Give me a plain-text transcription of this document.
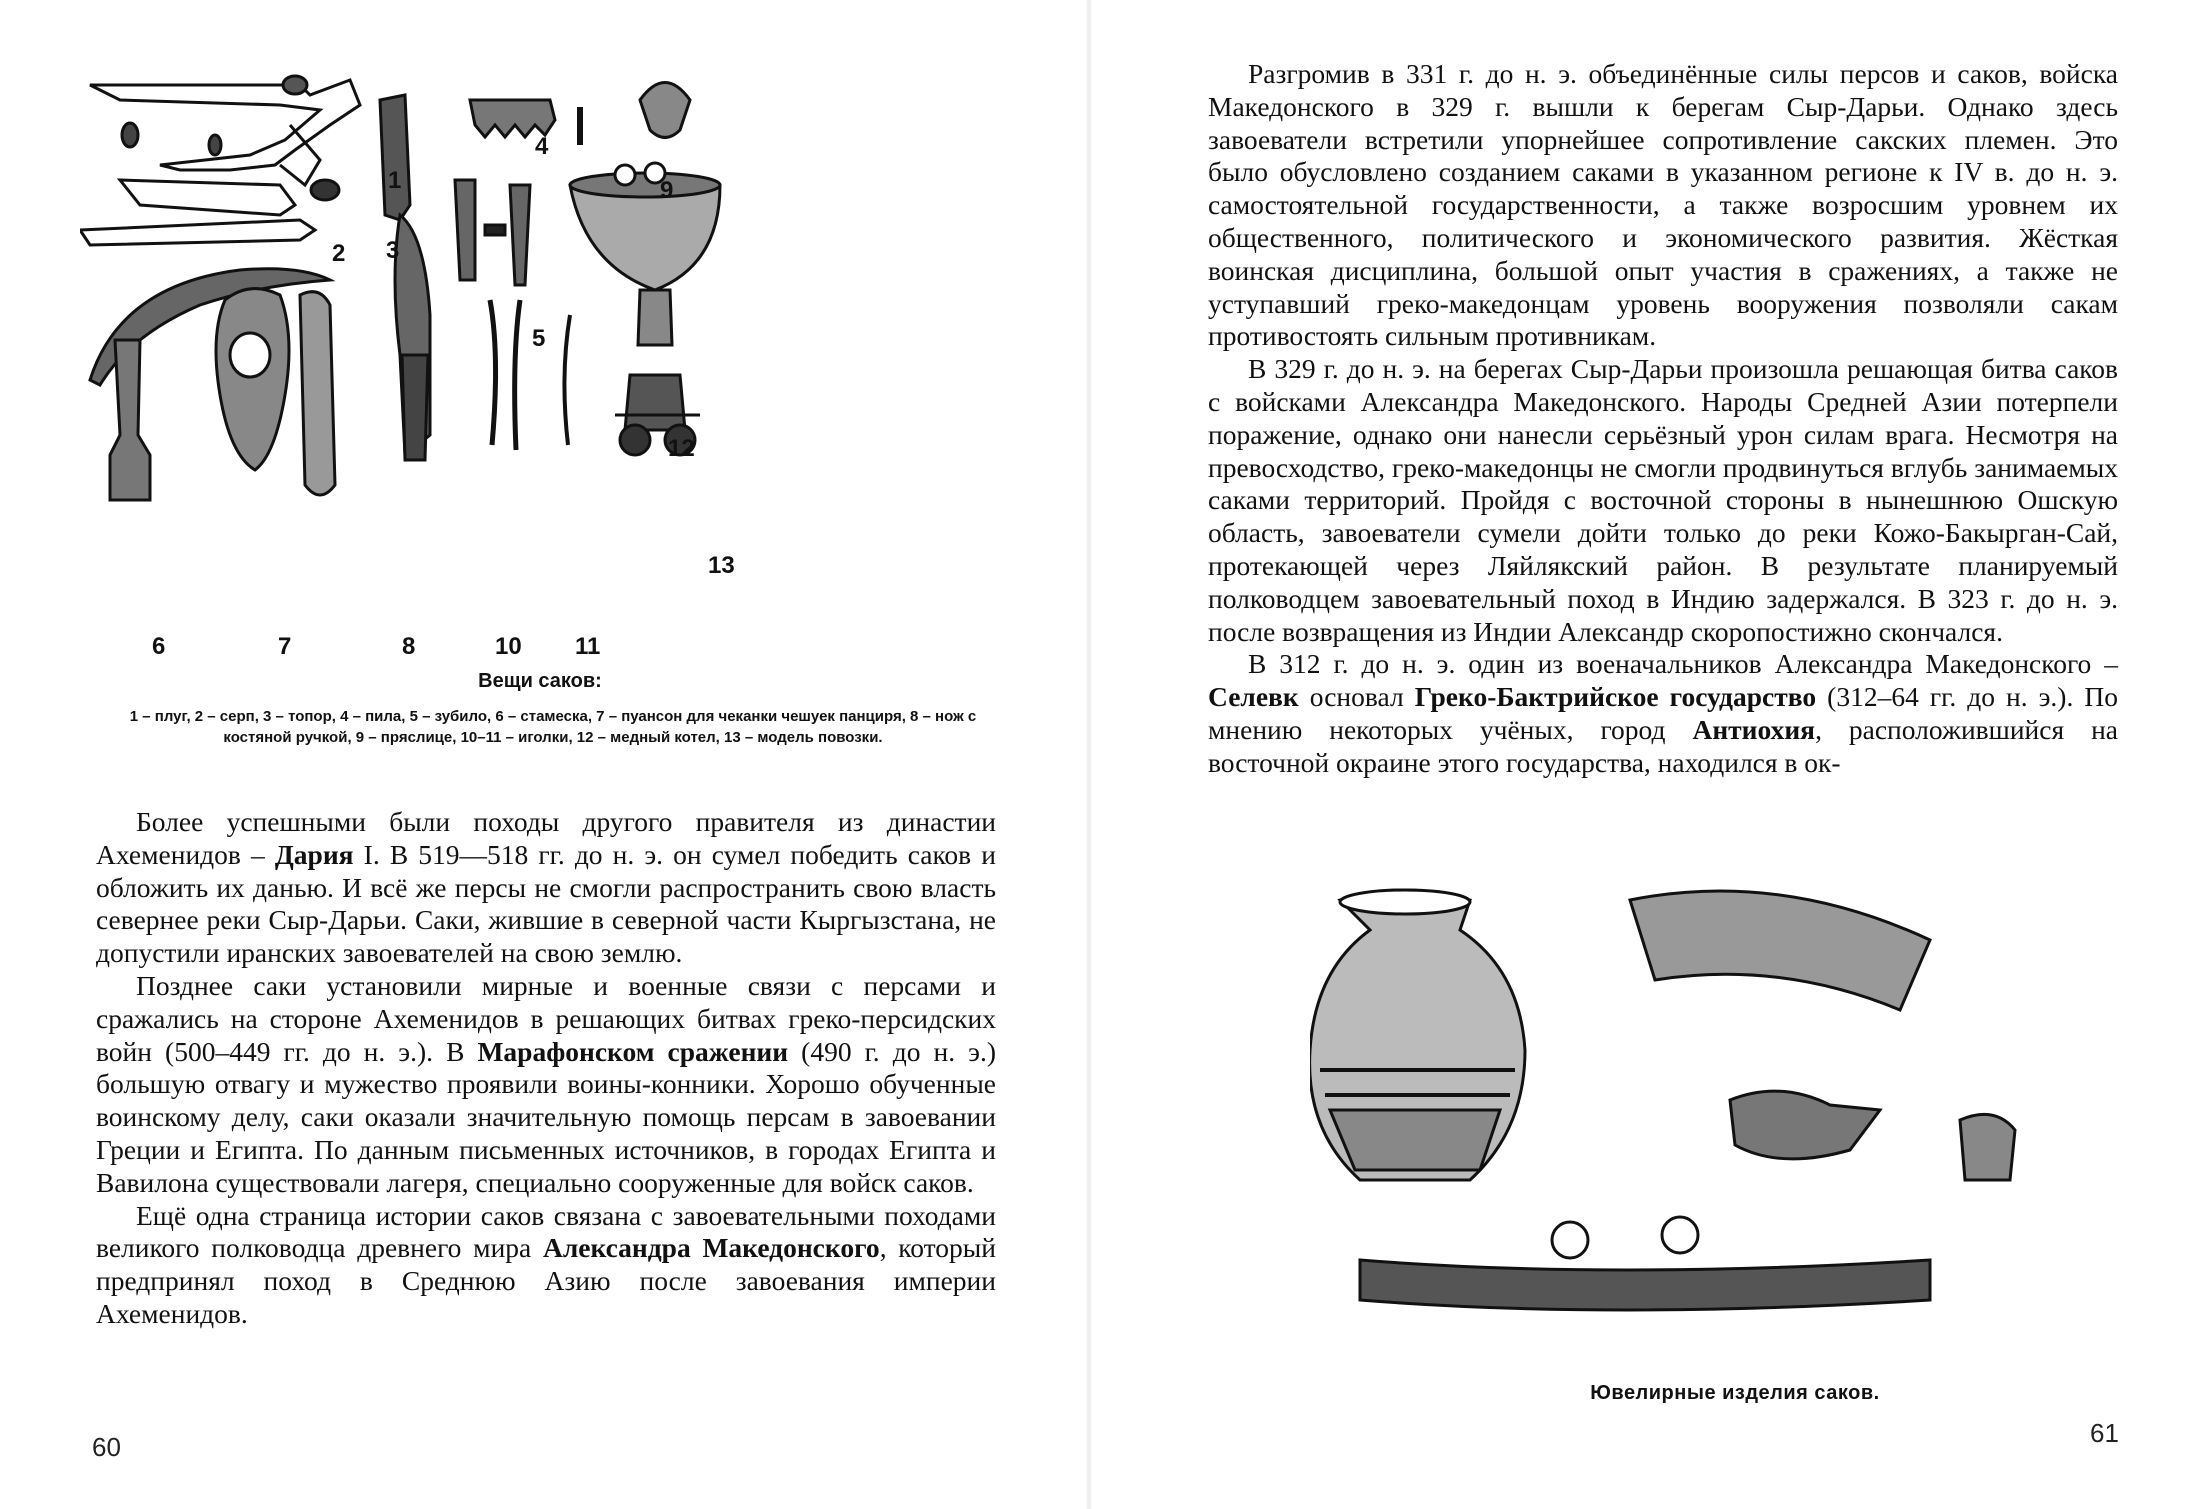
1
2 3
4
5
6	7	8
9
10 11
12
13
Вещи саков:
1 – плуг, 2 – серп, 3 – топор, 4 – пила, 5 – зубило, 6 – стамеска, 7 – пуансон для чеканки чешуек панциря, 8 – нож с костяной ручкой, 9 – пряслице, 10–11 – иголки, 12 – медный котел, 13 – модель повозки.

Более успешными были походы другого правителя из династии Ахеменидов – Дария I. В 519—518 гг. до н. э. он сумел победить саков и обложить их данью. И всё же персы не смогли распространить свою власть севернее реки Сыр-Дарьи. Саки, жившие в северной части Кыргызстана, не допустили иранских завоевателей на свою землю.

Позднее саки установили мирные и военные связи с персами и сражались на стороне Ахеменидов в решающих битвах греко-персидских войн (500–449 гг. до н. э.). В Марафонском сражении (490 г. до н. э.) большую отвагу и мужество проявили воины-конники. Хорошо обученные воинскому делу, саки оказали значительную помощь персам в завоевании Греции и Египта. По данным письменных источников, в городах Египта и Вавилона существовали лагеря, специально сооруженные для войск саков.

Ещё одна страница истории саков связана с завоевательными походами великого полководца древнего мира Александра Македонского, который предпринял поход в Среднюю Азию после завоевания империи Ахеменидов.

60

Разгромив в 331 г. до н. э. объединённые силы персов и саков, войска Македонского в 329 г. вышли к берегам Сыр-Дарьи. Однако здесь завоеватели встретили упорнейшее сопротивление сакских племен. Это было обусловлено созданием саками в указанном регионе к IV в. до н. э. самостоятельной государственности, а также возросшим уровнем их общественного, политического и экономического развития. Жёсткая воинская дисциплина, большой опыт участия в сражениях, а также не уступавший греко-македонцам уровень вооружения позволяли сакам противостоять сильным противникам.

В 329 г. до н. э. на берегах Сыр-Дарьи произошла решающая битва саков с войсками Александра Македонского. Народы Средней Азии потерпели поражение, однако они нанесли серьёзный урон силам врага. Несмотря на превосходство, греко-македонцы не смогли продвинуться вглубь занимаемых саками территорий. Пройдя с восточной стороны в нынешнюю Ошскую область, завоеватели сумели дойти только до реки Кожо-Бакырган-Сай, протекающей через Ляйлякский район. В результате планируемый полководцем завоевательный поход в Индию задержался. В 323 г. до н. э. после возвращения из Индии Александр скоропостижно скончался.

В 312 г. до н. э. один из военачальников Александра Македонского – Селевк основал Греко-Бактрийское государство (312–64 гг. до н. э.). По мнению некоторых учёных, город Антиохия, расположившийся на восточной окраине этого государства, находился в ок-

Ювелирные изделия саков.
61
